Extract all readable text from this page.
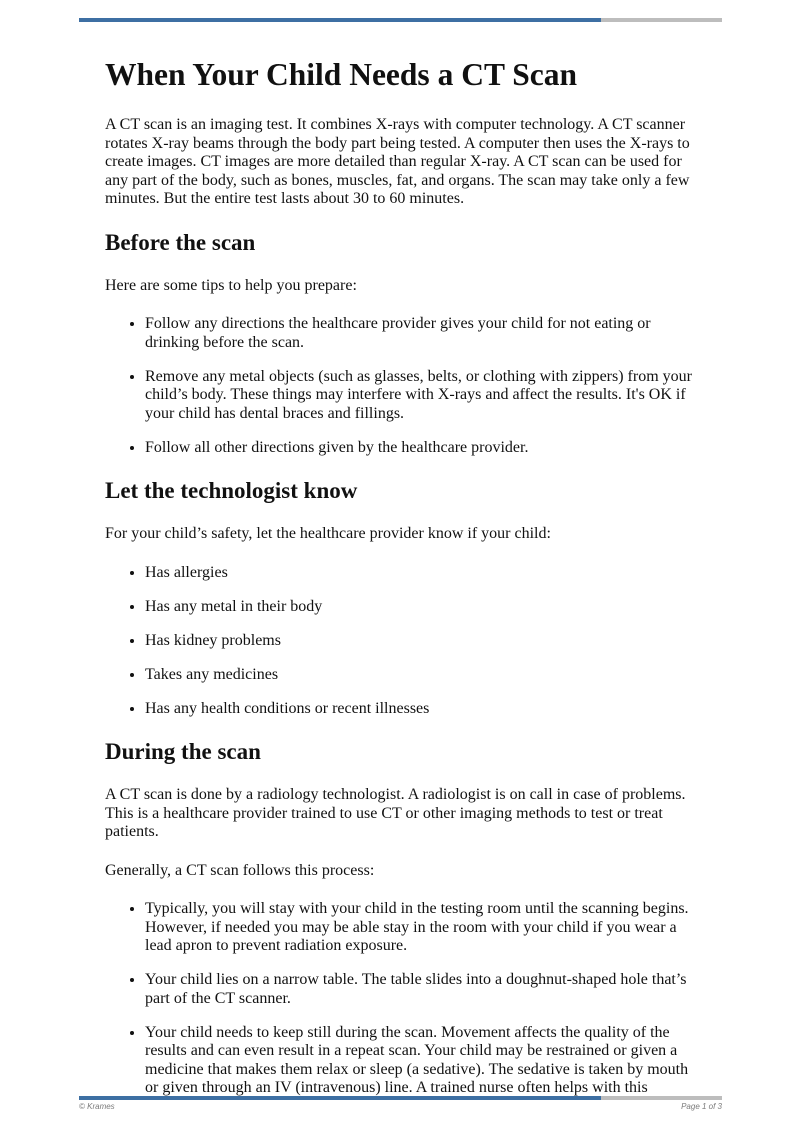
When Your Child Needs a CT Scan

A CT scan is an imaging test. It combines X-rays with computer technology. A CT scanner rotates X-ray beams through the body part being tested. A computer then uses the X-rays to create images. CT images are more detailed than regular X-ray. A CT scan can be used for any part of the body, such as bones, muscles, fat, and organs. The scan may take only a few minutes. But the entire test lasts about 30 to 60 minutes.

Before the scan

Here are some tips to help you prepare:

• Follow any directions the healthcare provider gives your child for not eating or drinking before the scan.
• Remove any metal objects (such as glasses, belts, or clothing with zippers) from your child’s body. These things may interfere with X-rays and affect the results. It's OK if your child has dental braces and fillings.
• Follow all other directions given by the healthcare provider.
Let the technologist know

For your child’s safety, let the healthcare provider know if your child:

• Has allergies
• Has any metal in their body
• Has kidney problems
• Takes any medicines
• Has any health conditions or recent illnesses
During the scan

A CT scan is done by a radiology technologist. A radiologist is on call in case of problems. This is a healthcare provider trained to use CT or other imaging methods to test or treat patients.

Generally, a CT scan follows this process:

• Typically, you will stay with your child in the testing room until the scanning begins. However, if needed you may be able stay in the room with your child if you wear a lead apron to prevent radiation exposure.
• Your child lies on a narrow table. The table slides into a doughnut-shaped hole that’s part of the CT scanner.
• Your child needs to keep still during the scan. Movement affects the quality of the results and can even result in a repeat scan. Your child may be restrained or given a medicine that makes them relax or sleep (a sedative). The sedative is taken by mouth or given through an IV (intravenous) line. A trained nurse often helps with this
© Krames	Page 1 of 3
